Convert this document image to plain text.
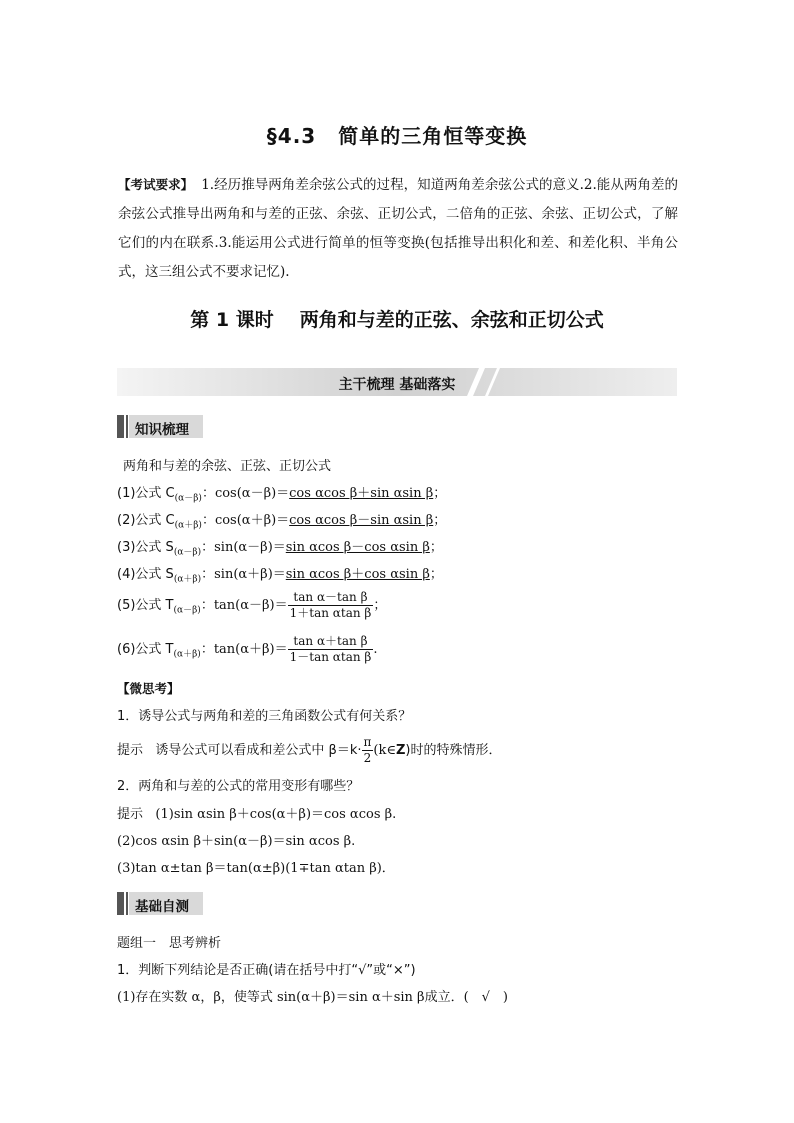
§4.3 简单的三角恒等变换
【考试要求】 1.经历推导两角差余弦公式的过程，知道两角差余弦公式的意义.2.能从两角差的余弦公式推导出两角和与差的正弦、余弦、正切公式，二倍角的正弦、余弦、正切公式，了解它们的内在联系.3.能运用公式进行简单的恒等变换(包括推导出积化和差、和差化积、半角公式，这三组公式不要求记忆).
第 1 课时 两角和与差的正弦、余弦和正切公式
主干梳理 基础落实
知识梳理
两角和与差的余弦、正弦、正切公式
(1)公式 $C_{(\alpha-\beta)}$：cos(α－β)＝cos αcos β＋sin αsin β；
(2)公式 $C_{(\alpha+\beta)}$：cos(α＋β)＝cos αcos β－sin αsin β；
(3)公式 $S_{(\alpha-\beta)}$：sin(α－β)＝sin αcos β－cos αsin β；
(4)公式 $S_{(\alpha+\beta)}$：sin(α＋β)＝sin αcos β＋cos αsin β；
(5)公式 $T_{(\alpha-\beta)}$：$\tan(\alpha-\beta)= \frac{\text{tan α－tan β}}{\text{1＋tan αtan β}}$ ；
(6)公式 $T_{(\alpha+\beta)}$：$\tan(\alpha+\beta)= \frac{\text{tan α＋tan β}}{\text{1－tan αtan β}}$ .
【微思考】
1．诱导公式与两角和差的三角函数公式有何关系？
提示 诱导公式可以看成和差公式中 $\beta=k\cdot \frac{\pi}{2}$ (k∈Z)时的特殊情形．
2．两角和与差的公式的常用变形有哪些？
提示 (1)sin αsin β＋cos(α＋β)＝cos αcos β.
(2)cos αsin β＋sin(α－β)＝sin αcos β.
(3)tan α±tan β＝tan(α±β)(1∓tan αtan β)．
基础自测
题组一　思考辨析
1．判断下列结论是否正确(请在括号中打“√”或“×”)
(1)存在实数 α，β，使等式 sin(α＋β)＝sin α＋sin β成立．(　√　)
